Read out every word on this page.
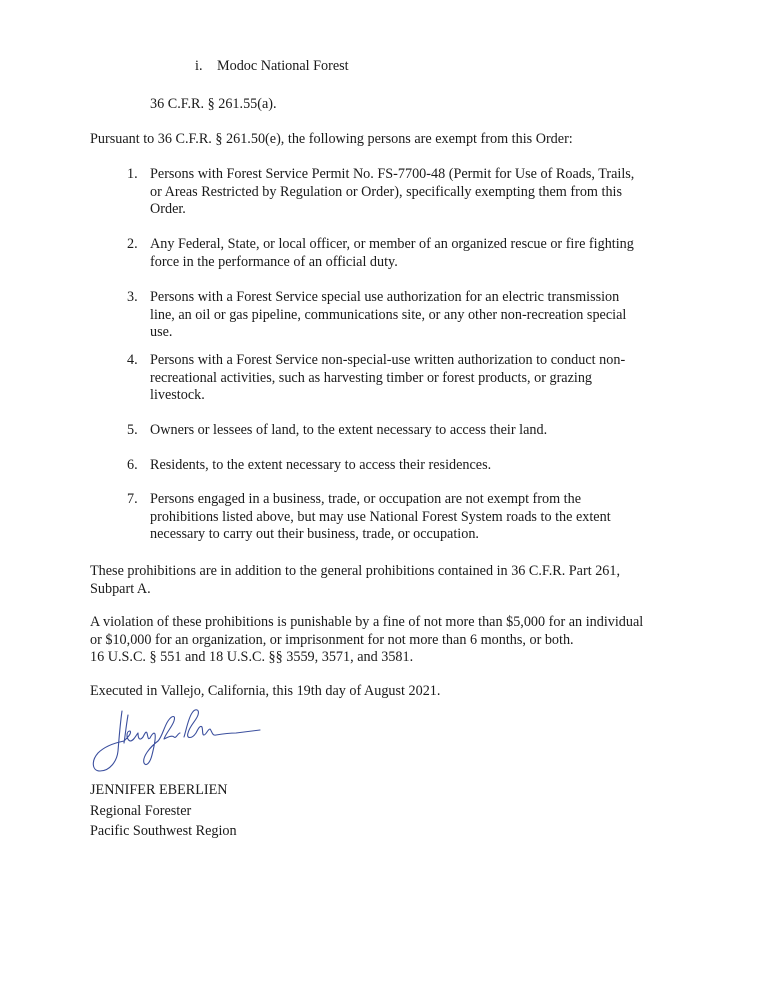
i. Modoc National Forest
36 C.F.R. § 261.55(a).
Pursuant to 36 C.F.R. § 261.50(e), the following persons are exempt from this Order:
1. Persons with Forest Service Permit No. FS-7700-48 (Permit for Use of Roads, Trails,
or Areas Restricted by Regulation or Order), specifically exempting them from this
Order.
2. Any Federal, State, or local officer, or member of an organized rescue or fire fighting
force in the performance of an official duty.
3. Persons with a Forest Service special use authorization for an electric transmission
line, an oil or gas pipeline, communications site, or any other non-recreation special
use.
4. Persons with a Forest Service non-special-use written authorization to conduct non-
recreational activities, such as harvesting timber or forest products, or grazing
livestock.
5. Owners or lessees of land, to the extent necessary to access their land.
6. Residents, to the extent necessary to access their residences.
7. Persons engaged in a business, trade, or occupation are not exempt from the
prohibitions listed above, but may use National Forest System roads to the extent
necessary to carry out their business, trade, or occupation.
These prohibitions are in addition to the general prohibitions contained in 36 C.F.R. Part 261,
Subpart A.
A violation of these prohibitions is punishable by a fine of not more than $5,000 for an individual
or $10,000 for an organization, or imprisonment for not more than 6 months, or both.
16 U.S.C. § 551 and 18 U.S.C. §§ 3559, 3571, and 3581.
Executed in Vallejo, California, this 19th day of August 2021.
JENNIFER EBERLIEN
Regional Forester
Pacific Southwest Region
